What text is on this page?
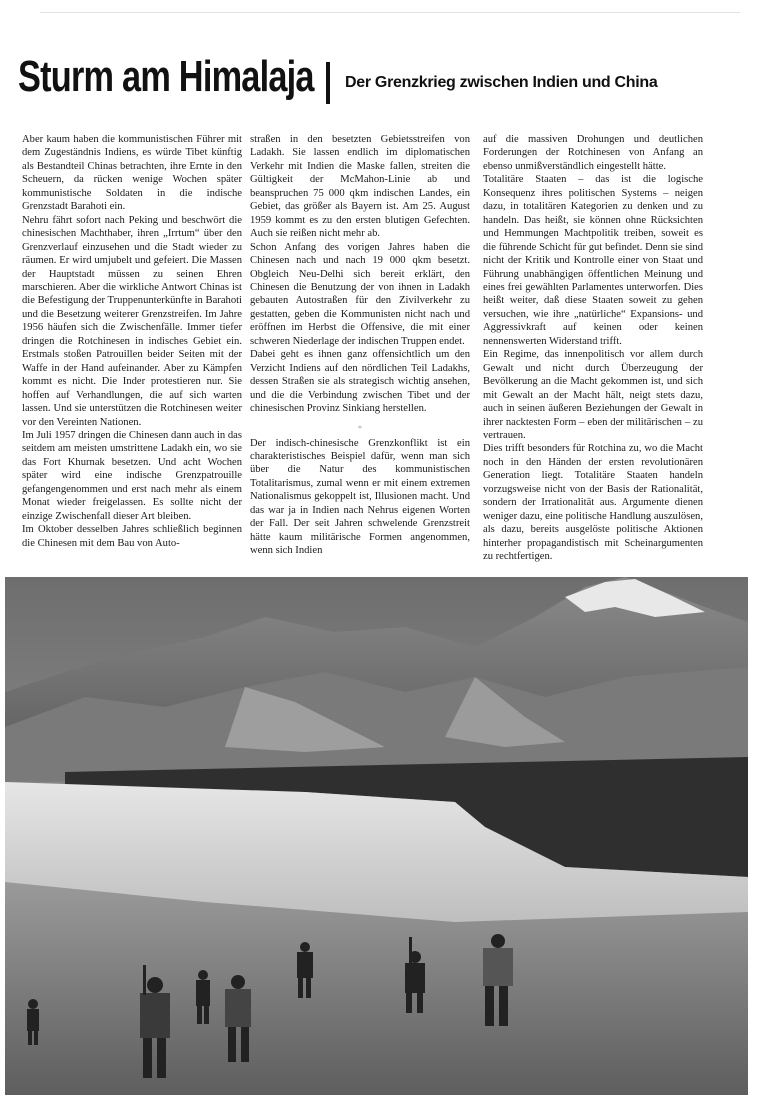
Sturm am Himalaja Der Grenzkrieg zwischen Indien und China

Aber kaum haben die kommunistischen Führer mit dem Zugeständnis Indiens, es würde Tibet künftig als Bestandteil Chinas betrachten, ihre Ernte in den Scheuern, da rücken wenige Wochen später kommunistische Soldaten in die indische Grenzstadt Barahoti ein.

Nehru fährt sofort nach Peking und beschwört die chinesischen Machthaber, ihren „Irrtum“ über den Grenzverlauf einzusehen und die Stadt wieder zu räumen. Er wird umjubelt und gefeiert. Die Massen der Hauptstadt müssen zu seinen Ehren marschieren. Aber die wirkliche Antwort Chinas ist die Befestigung der Truppenunterkünfte in Barahoti und die Besetzung weiterer Grenzstreifen. Im Jahre 1956 häufen sich die Zwischenfälle. Immer tiefer dringen die Rotchinesen in indisches Gebiet ein. Erstmals stoßen Patrouillen beider Seiten mit der Waffe in der Hand aufeinander. Aber zu Kämpfen kommt es nicht. Die Inder protestieren nur. Sie hoffen auf Verhandlungen, die auf sich warten lassen. Und sie unterstützen die Rotchinesen weiter vor den Vereinten Nationen.

Im Juli 1957 dringen die Chinesen dann auch in das seitdem am meisten umstrittene Ladakh ein, wo sie das Fort Khurnak besetzen. Und acht Wochen später wird eine indische Grenzpatrouille gefangengenommen und erst nach mehr als einem Monat wieder freigelassen. Es sollte nicht der einzige Zwischenfall dieser Art bleiben.

Im Oktober desselben Jahres schließlich beginnen die Chinesen mit dem Bau von Auto-

straßen in den besetzten Gebietsstreifen von Ladakh. Sie lassen endlich im diplomatischen Verkehr mit Indien die Maske fallen, streiten die Gültigkeit der McMahon-Linie ab und beanspruchen 75 000 qkm indischen Landes, ein Gebiet, das größer als Bayern ist. Am 25. August 1959 kommt es zu den ersten blutigen Gefechten. Auch sie reißen nicht mehr ab.

Schon Anfang des vorigen Jahres haben die Chinesen nach und nach 19 000 qkm besetzt. Obgleich Neu-Delhi sich bereit erklärt, den Chinesen die Benutzung der von ihnen in Ladakh gebauten Autostraßen für den Zivilverkehr zu gestatten, geben die Kommunisten nicht nach und eröffnen im Herbst die Offensive, die mit einer schweren Niederlage der indischen Truppen endet.

Dabei geht es ihnen ganz offensichtlich um den Verzicht Indiens auf den nördlichen Teil Ladakhs, dessen Straßen sie als strategisch wichtig ansehen, und die die Verbindung zwischen Tibet und der chinesischen Provinz Sinkiang herstellen.

*

Der indisch-chinesische Grenzkonflikt ist ein charakteristisches Beispiel dafür, wenn man sich über die Natur des kommunistischen Totalitarismus, zumal wenn er mit einem extremen Nationalismus gekoppelt ist, Illusionen macht. Und das war ja in Indien nach Nehrus eigenen Worten der Fall. Der seit Jahren schwelende Grenzstreit hätte kaum militärische Formen angenommen, wenn sich Indien

auf die massiven Drohungen und deutlichen Forderungen der Rotchinesen von Anfang an ebenso unmißverständlich eingestellt hätte.

Totalitäre Staaten – das ist die logische Konsequenz ihres politischen Systems – neigen dazu, in totalitären Kategorien zu denken und zu handeln. Das heißt, sie können ohne Rücksichten und Hemmungen Machtpolitik treiben, soweit es die führende Schicht für gut befindet. Denn sie sind nicht der Kritik und Kontrolle einer von Staat und Führung unabhängigen öffentlichen Meinung und eines frei gewählten Parlamentes unterworfen. Dies heißt weiter, daß diese Staaten soweit zu gehen versuchen, wie ihre „natürliche“ Expansions- und Aggressivkraft auf keinen oder keinen nennenswerten Widerstand trifft.

Ein Regime, das innenpolitisch vor allem durch Gewalt und nicht durch Überzeugung der Bevölkerung an die Macht gekommen ist, und sich mit Gewalt an der Macht hält, neigt stets dazu, auch in seinen äußeren Beziehungen der Gewalt in ihrer nacktesten Form – eben der militärischen – zu vertrauen.

Dies trifft besonders für Rotchina zu, wo die Macht noch in den Händen der ersten revolutionären Generation liegt. Totalitäre Staaten handeln vorzugsweise nicht von der Basis der Rationalität, sondern der Irrationalität aus. Argumente dienen weniger dazu, eine politische Handlung auszulösen, als dazu, bereits ausgelöste politische Aktionen hinterher propagandistisch mit Scheinargumenten zu rechtfertigen.
